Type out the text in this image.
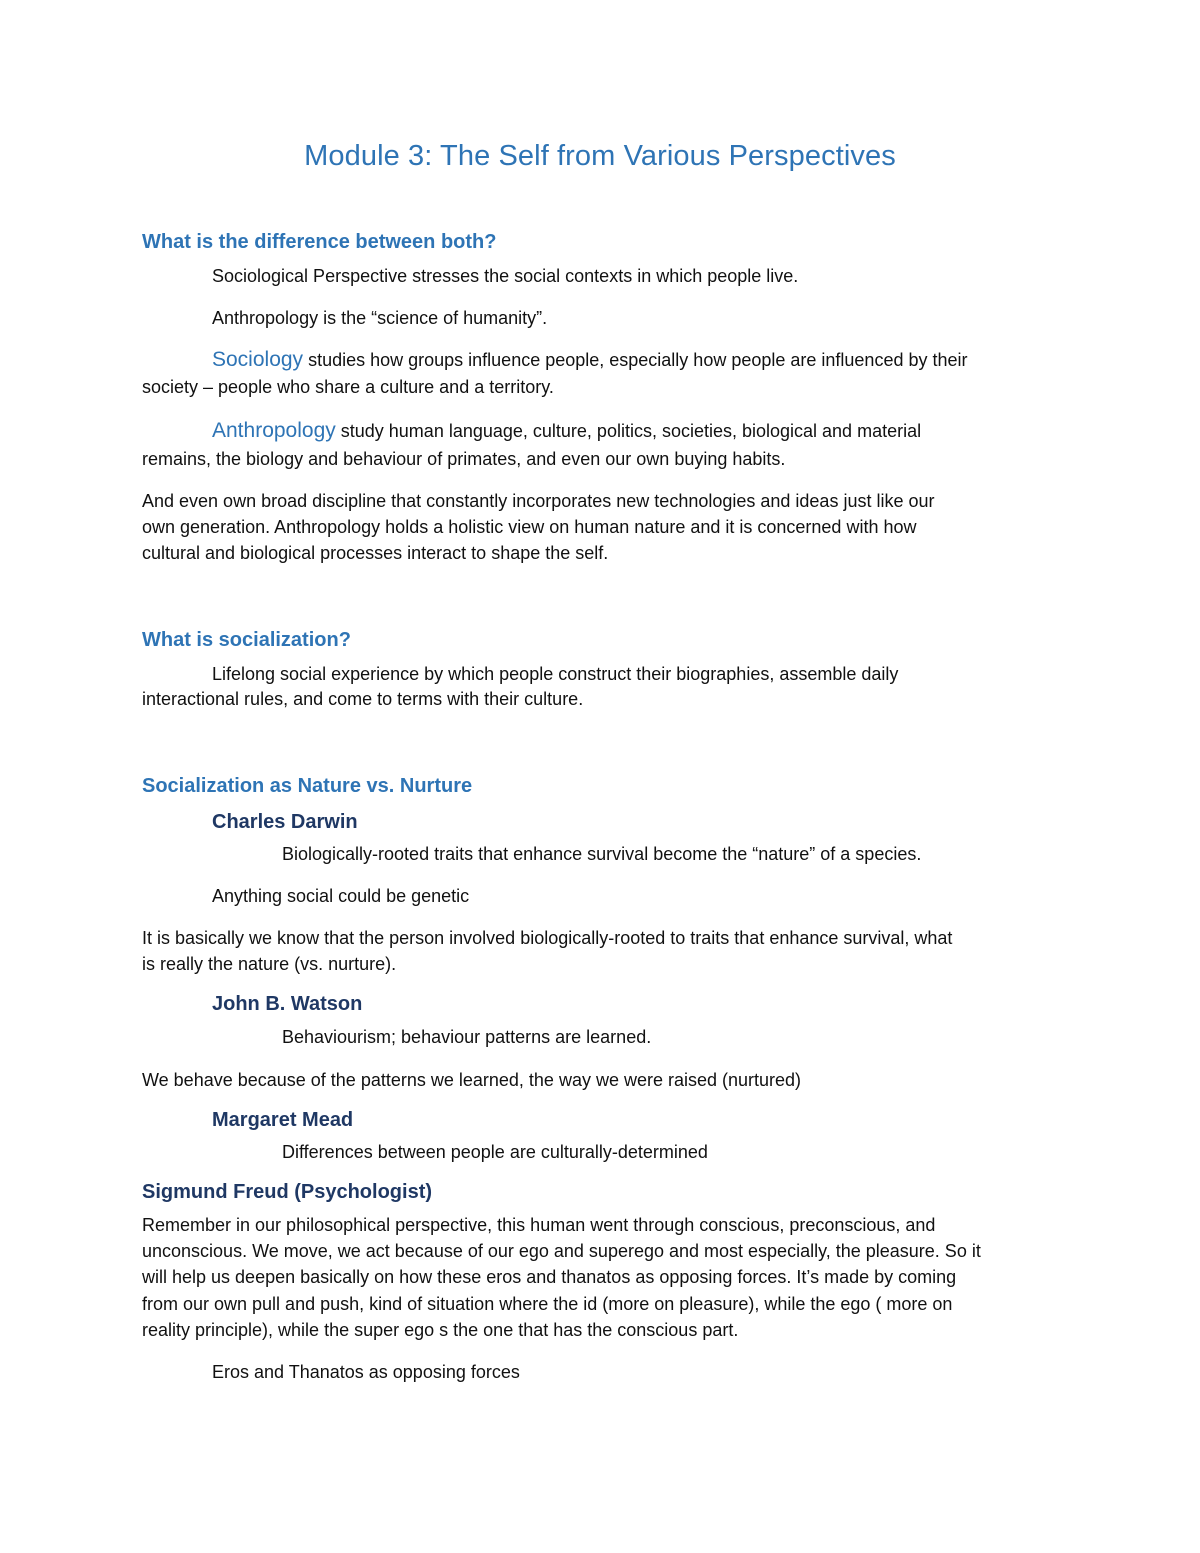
Module 3: The Self from Various Perspectives
What is the difference between both?
Sociological Perspective stresses the social contexts in which people live.
Anthropology is the “science of humanity”.
Sociology studies how groups influence people, especially how people are influenced by their
society – people who share a culture and a territory.
Anthropology study human language, culture, politics, societies, biological and material
remains, the biology and behaviour of primates, and even our own buying habits.
And even own broad discipline that constantly incorporates new technologies and ideas just like our
own generation. Anthropology holds a holistic view on human nature and it is concerned with how
cultural and biological processes interact to shape the self.
What is socialization?
Lifelong social experience by which people construct their biographies, assemble daily
interactional rules, and come to terms with their culture.
Socialization as Nature vs. Nurture
Charles Darwin
Biologically-rooted traits that enhance survival become the “nature” of a species.
Anything social could be genetic
It is basically we know that the person involved biologically-rooted to traits that enhance survival, what
is really the nature (vs. nurture).
John B. Watson
Behaviourism; behaviour patterns are learned.
We behave because of the patterns we learned, the way we were raised (nurtured)
Margaret Mead
Differences between people are culturally-determined
Sigmund Freud (Psychologist)
Remember in our philosophical perspective, this human went through conscious, preconscious, and
unconscious. We move, we act because of our ego and superego and most especially, the pleasure. So it
will help us deepen basically on how these eros and thanatos as opposing forces. It’s made by coming
from our own pull and push, kind of situation where the id (more on pleasure), while the ego ( more on
reality principle), while the super ego s the one that has the conscious part.
Eros and Thanatos as opposing forces
